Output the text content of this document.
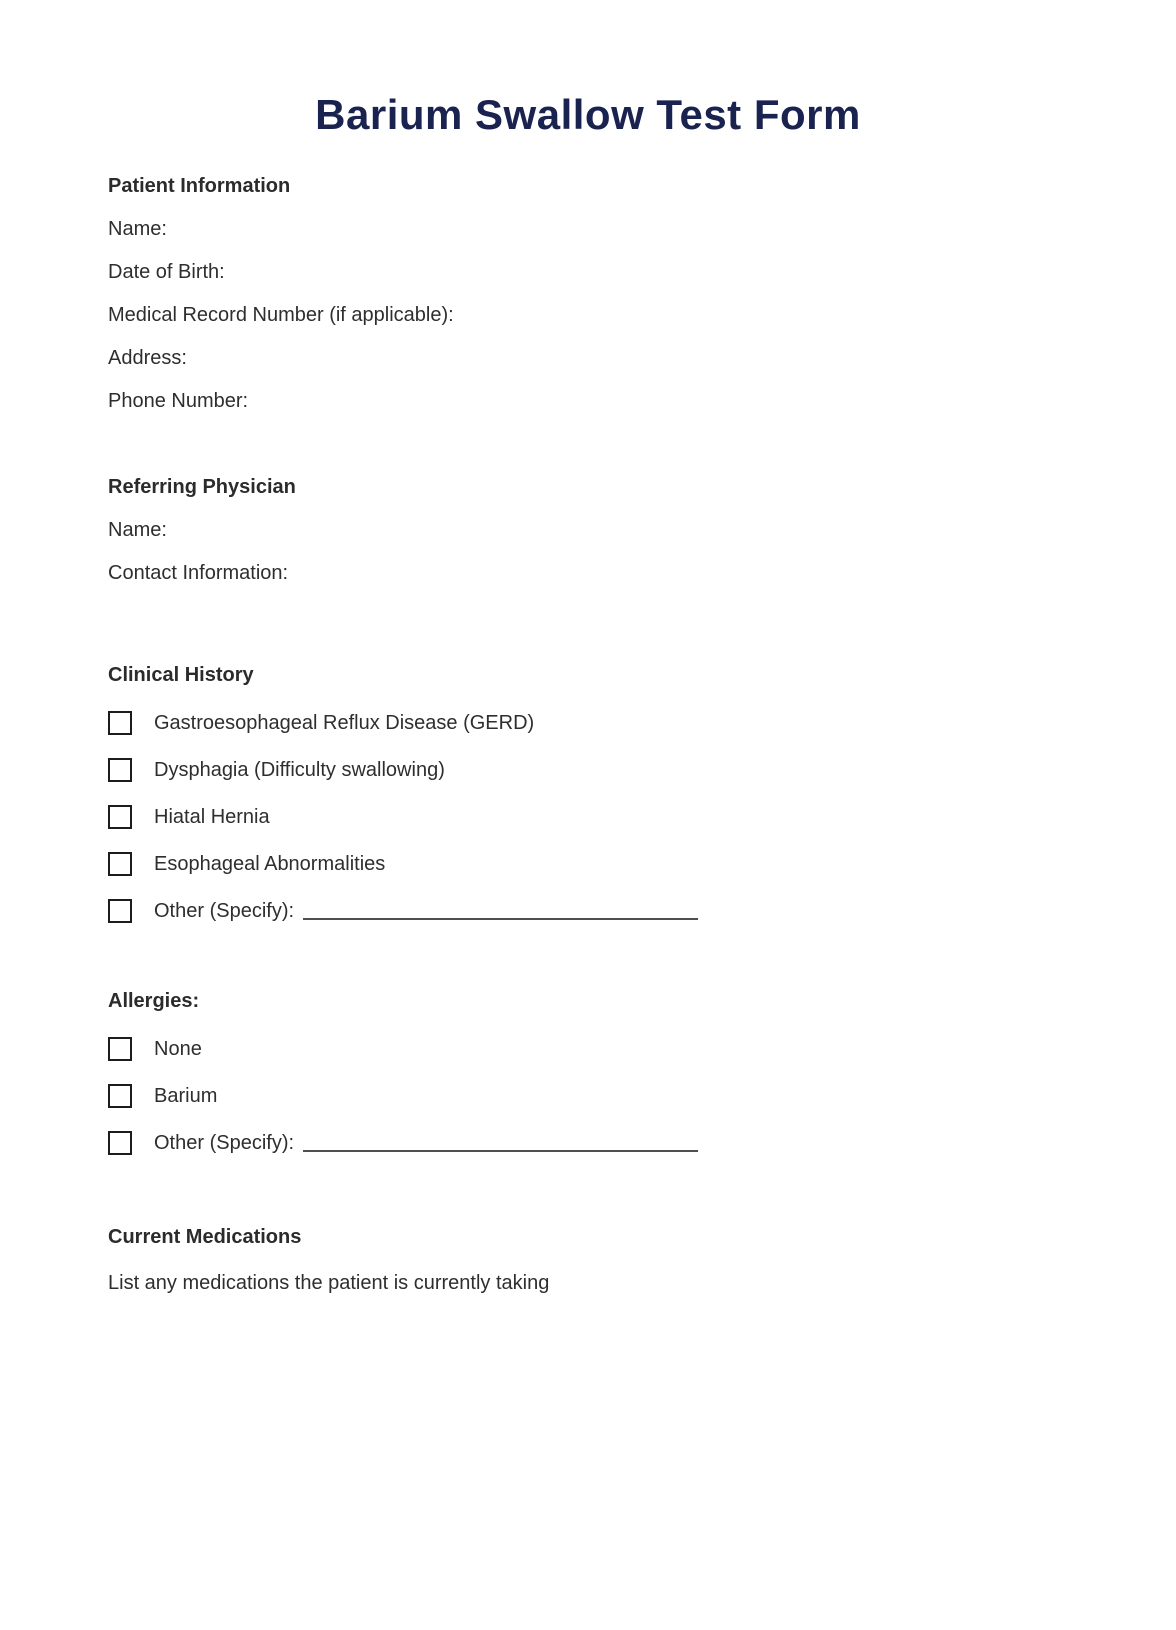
Barium Swallow Test Form
Patient Information

Name:

Date of Birth:

Medical Record Number (if applicable):

Address:

Phone Number:

Referring Physician

Name:

Contact Information:

Clinical History
Gastroesophageal Reflux Disease (GERD)
Dysphagia (Difficulty swallowing)
Hiatal Hernia
Esophageal Abnormalities
Other (Specify):
Allergies:
None
Barium
Other (Specify):
Current Medications

List any medications the patient is currently taking
